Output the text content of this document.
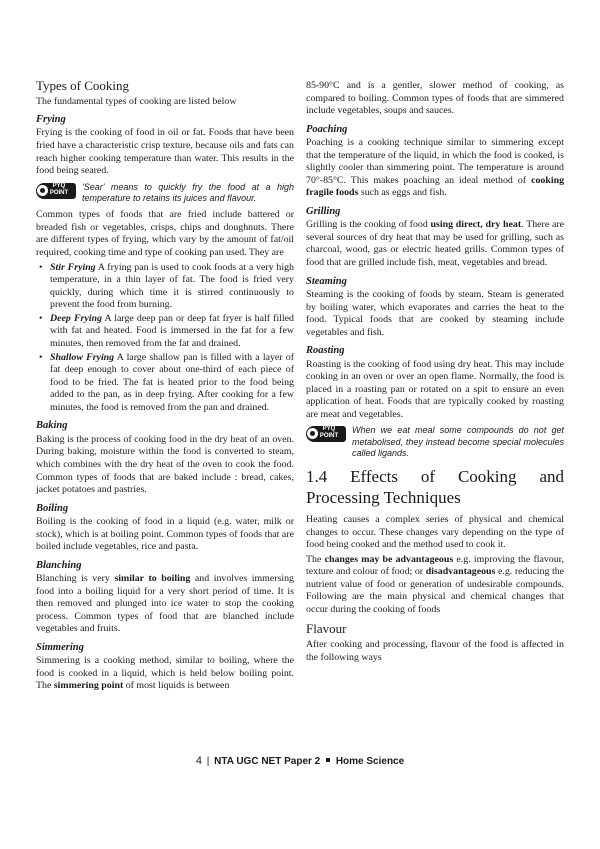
Types of Cooking

The fundamental types of cooking are listed below

Frying

Frying is the cooking of food in oil or fat. Foods that have been fried have a characteristic crisp texture, because oils and fats can reach higher cooking temperature than water. This results in the food being seared.

PYQ
POINT
'Sear' means to quickly fry the food at a high temperature to retains its juices and flavour.

Common types of foods that are fried include battered or breaded fish or vegetables, crisps, chips and doughnuts. There are different types of frying, which vary by the amount of fat/oil required, cooking time and type of cooking pan used. They are

• Stir Frying A frying pan is used to cook foods at a very high temperature, in a thin layer of fat. The food is fried very quickly, during which time it is stirred continuously to prevent the food from burning.
• Deep Frying A large deep pan or deep fat fryer is half filled with fat and heated. Food is immersed in the fat for a few minutes, then removed from the fat and drained.
• Shallow Frying A large shallow pan is filled with a layer of fat deep enough to cover about one-third of each piece of food to be fried. The fat is heated prior to the food being added to the pan, as in deep frying. After cooking for a few minutes, the food is removed from the pan and drained.
Baking

Baking is the process of cooking food in the dry heat of an oven. During baking, moisture within the food is converted to steam, which combines with the dry heat of the oven to cook the food. Common types of foods that are baked include : bread, cakes, jacket potatoes and pastries.

Boiling

Boiling is the cooking of food in a liquid (e.g. water, milk or stock), which is at boiling point. Common types of foods that are boiled include vegetables, rice and pasta.

Blanching

Blanching is very similar to boiling and involves immersing food into a boiling liquid for a very short period of time. It is then removed and plunged into ice water to stop the cooking process. Common types of food that are blanched include vegetables and fruits.

Simmering

Simmering is a cooking method, similar to boiling, where the food is cooked in a liquid, which is held below boiling point. The simmering point of most liquids is between

85-90°C and is a gentler, slower method of cooking, as compared to boiling. Common types of foods that are simmered include vegetables, soups and sauces.

Poaching

Poaching is a cooking technique similar to simmering except that the temperature of the liquid, in which the food is cooked, is slightly cooler than simmering point. The temperature is around 70°-85°C. This makes poaching an ideal method of cooking fragile foods such as eggs and fish.

Grilling

Grilling is the cooking of food using direct, dry heat. There are several sources of dry heat that may be used for grilling, such as charcoal, wood, gas or electric heated grills. Common types of food that are grilled include fish, meat, vegetables and bread.

Steaming

Steaming is the cooking of foods by steam. Steam is generated by boiling water, which evaporates and carries the heat to the food. Typical foods that are cooked by steaming include vegetables and fish.

Roasting

Roasting is the cooking of food using dry heat. This may include cooking in an oven or over an open flame. Normally, the food is placed in a roasting pan or rotated on a spit to ensure an even application of heat. Foods that are typically cooked by roasting are meat and vegetables.

PYQ
POINT
When we eat meal some compounds do not get metabolised, they instead become special molecules called ligands.
1.4 Effects of Cooking and Processing Techniques

Heating causes a complex series of physical and chemical changes to occur. These changes vary depending on the type of food being cooked and the method used to cook it.

The changes may be advantageous e.g. improving the flavour, texture and colour of food; or disadvantageous e.g. reducing the nutrient value of food or generation of undesirable compounds. Following are the main physical and chemical changes that occur during the cooking of foods

Flavour

After cooking and processing, flavour of the food is affected in the following ways

4 | NTA UGC NET Paper 2 Home Science
